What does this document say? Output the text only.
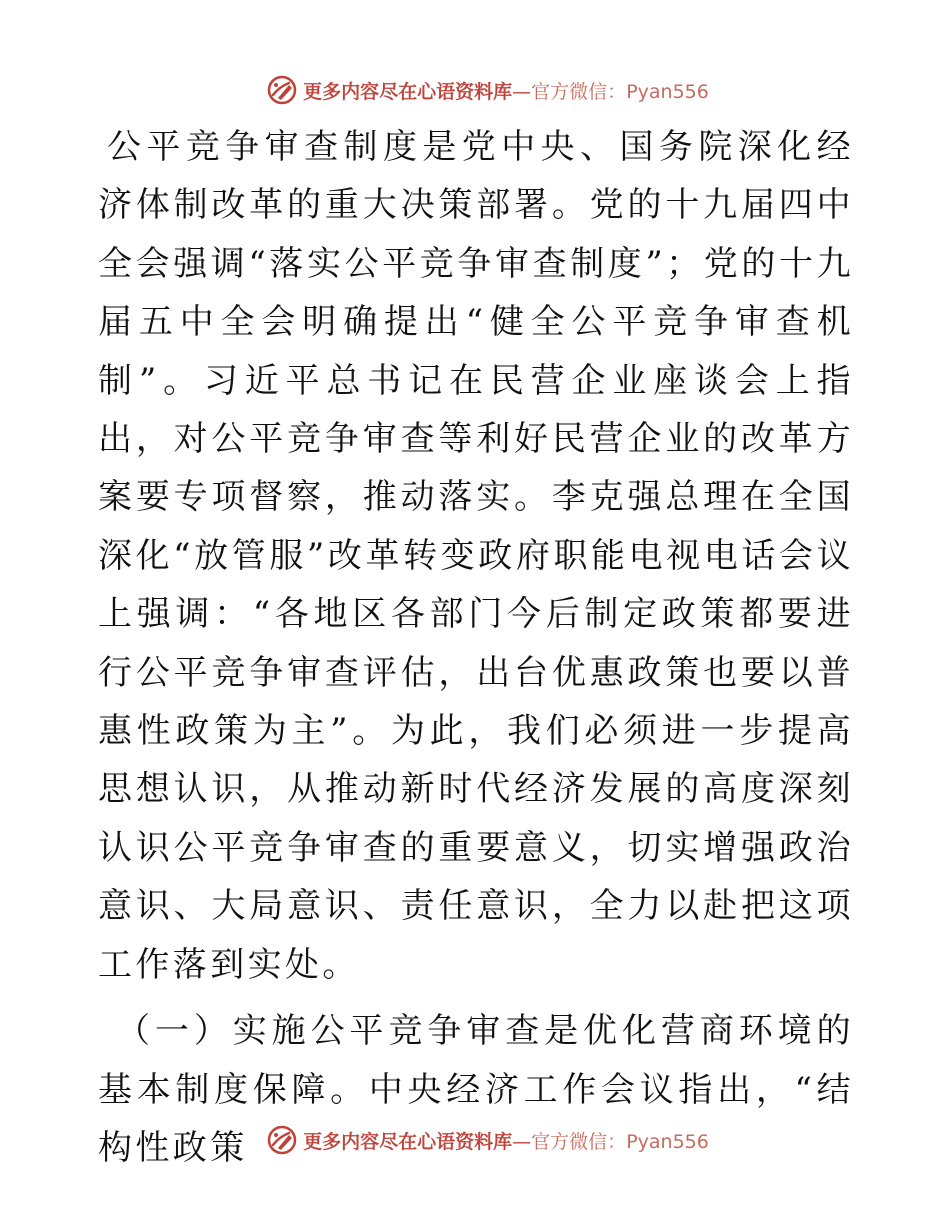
更多内容尽在心语资料库—官方微信：Pyan556

公平竞争审查制度是党中央、国务院深化经济体制改革的重大决策部署。党的十九届四中全会强调“落实公平竞争审查制度”；党的十九届五中全会明确提出“健全公平竞争审查机制”。习近平总书记在民营企业座谈会上指出，对公平竞争审查等利好民营企业的改革方案要专项督察，推动落实。李克强总理在全国深化“放管服”改革转变政府职能电视电话会议上强调：“各地区各部门今后制定政策都要进行公平竞争审查评估，出台优惠政策也要以普惠性政策为主”。为此，我们必须进一步提高思想认识，从推动新时代经济发展的高度深刻认识公平竞争审查的重要意义，切实增强政治意识、大局意识、责任意识，全力以赴把这项工作落到实处。

（一）实施公平竞争审查是优化营商环境的基本制度保障。中央经济工作会议指出，“结构性政策	更多内容尽在心语资料库—官方微信：Pyan556
